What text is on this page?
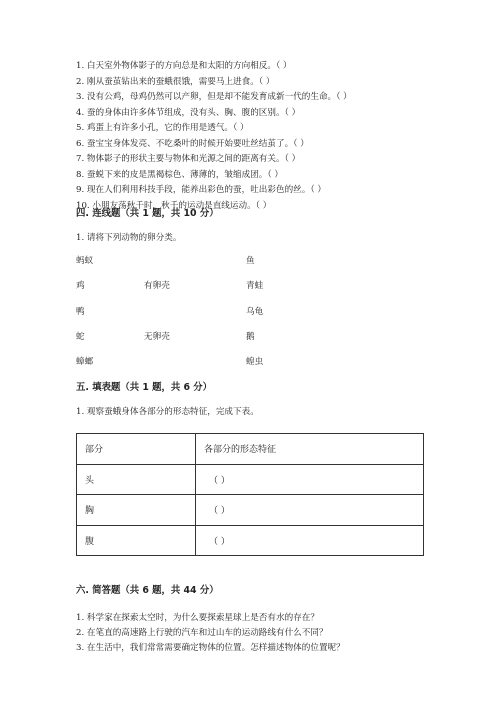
1. 白天室外物体影子的方向总是和太阳的方向相反。（ ）
2. 刚从蚕茧钻出来的蚕蛾很饿，需要马上进食。（ ）
3. 没有公鸡，母鸡仍然可以产卵，但是却不能发育成新一代的生命。（ ）
4. 蚕的身体由许多体节组成，没有头、胸、腹的区别。（ ）
5. 鸡蛋上有许多小孔，它的作用是透气。（ ）
6. 蚕宝宝身体发亮、不吃桑叶的时候开始要吐丝结茧了。（ ）
7. 物体影子的形状主要与物体和光源之间的距离有关。（ ）
8. 蚕蜕下来的皮是黑褐棕色、薄薄的，皱缩成团。（ ）
9. 现在人们利用科技手段，能养出彩色的蚕，吐出彩色的丝。（ ）
10. 小朋友荡秋千时，秋千的运动是直线运动。（ ）
四. 连线题（共 1 题，共 10 分）
1. 请将下列动物的卵分类。
蚂蚁
鸡
鸭
蛇
蟑螂
有卵壳
无卵壳
鱼
青蛙
乌龟
鹅
蝗虫
五. 填表题（共 1 题，共 6 分）
1. 观察蚕蛾身体各部分的形态特征，完成下表。
部分	各部分的形态特征
头	（ ）
胸	（ ）
腹	（ ）
六. 简答题（共 6 题，共 44 分）
1. 科学家在探索太空时，为什么要探索星球上是否有水的存在？
2. 在笔直的高速路上行驶的汽车和过山车的运动路线有什么不同？
3. 在生活中，我们常常需要确定物体的位置。怎样描述物体的位置呢？
